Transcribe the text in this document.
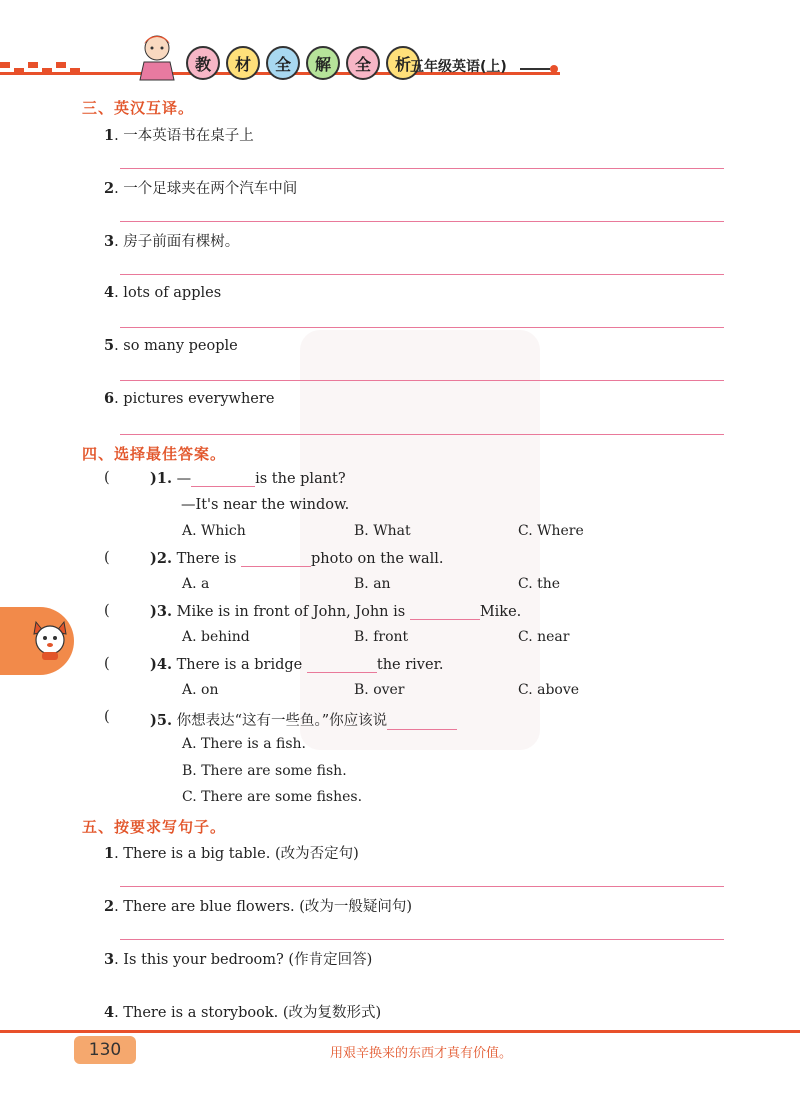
教	材	全	解	全	析 五年级英语(上)
三、英汉互译。
1. 一本英语书在桌子上
2. 一个足球夹在两个汽车中间
3. 房子前面有棵树。
4. lots of apples
5. so many people
6. pictures everywhere
四、选择最佳答案。
(	)1. —	is the plant?
—It's near the window.
A. Which	B. What	C. Where
(	)2. There is	photo on the wall.
A. a	B. an	C. the
(	)3. Mike is in front of John, John is	Mike.
A. behind	B. front	C. near
(	)4. There is a bridge	the river.
A. on	B. over	C. above
(	)5. 你想表达“这有一些鱼。”你应该说
A. There is a fish.
B. There are some fish.
C. There are some fishes.
五、按要求写句子。
1. There is a big table. (改为否定句)
2. There are blue flowers. (改为一般疑问句)
3. Is this your bedroom? (作肯定回答)
4. There is a storybook. (改为复数形式)
130	用艰辛换来的东西才真有价值。
